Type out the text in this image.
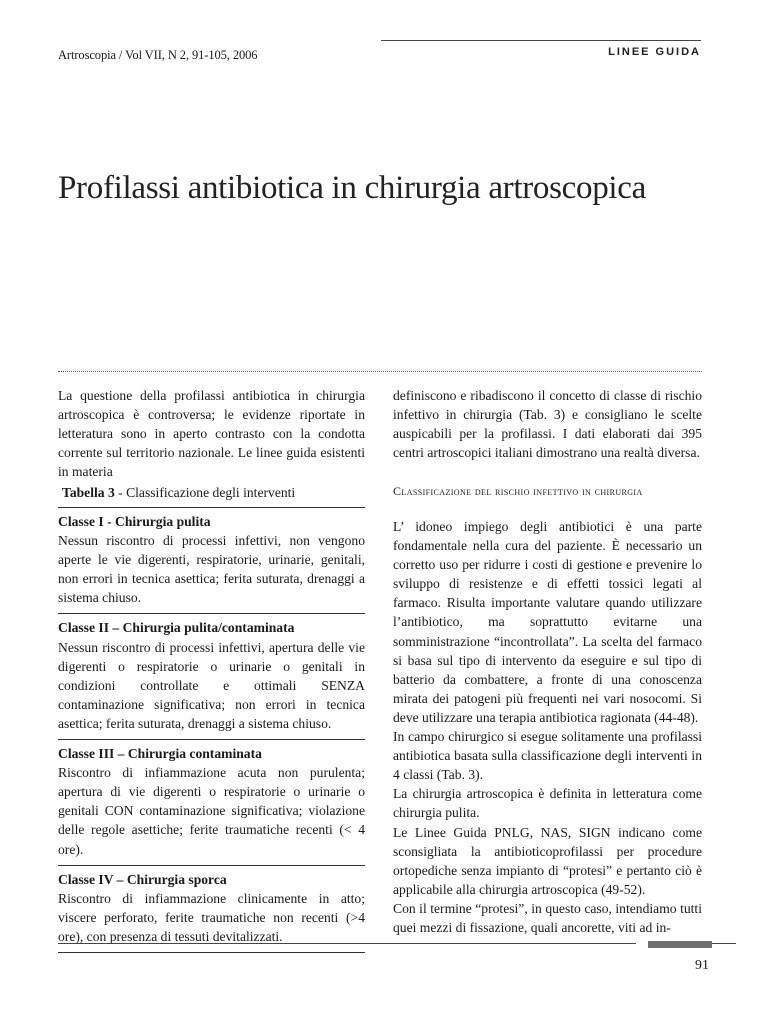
Artroscopia / Vol VII, N 2, 91-105, 2006	LINEE GUIDA
Profilassi antibiotica in chirurgia artroscopica

La questione della profilassi antibiotica in chirurgia artroscopica è controversa; le evidenze riportate in letteratura sono in aperto contrasto con la condotta corrente sul territorio nazionale. Le linee guida esistenti in materia

definiscono e ribadiscono il concetto di classe di rischio infettivo in chirurgia (Tab. 3) e consigliano le scelte auspicabili per la profilassi. I dati elaborati dai 395 centri artroscopici italiani dimostrano una realtà diversa.

Tabella 3 - Classificazione degli interventi
Classe I - Chirurgia pulita
Nessun riscontro di processi infettivi, non vengono aperte le vie digerenti, respiratorie, urinarie, genitali, non errori in tecnica asettica; ferita suturata, drenaggi a sistema chiuso.
Classe II – Chirurgia pulita/contaminata
Nessun riscontro di processi infettivi, apertura delle vie digerenti o respiratorie o urinarie o genitali in condizioni controllate e ottimali SENZA contaminazione significativa; non errori in tecnica asettica; ferita suturata, drenaggi a sistema chiuso.
Classe III – Chirurgia contaminata
Riscontro di infiammazione acuta non purulenta; apertura di vie digerenti o respiratorie o urinarie o genitali CON contaminazione significativa; violazione delle regole asettiche; ferite traumatiche recenti (< 4 ore).
Classe IV – Chirurgia sporca
Riscontro di infiammazione clinicamente in atto; viscere perforato, ferite traumatiche non recenti (>4 ore), con presenza di tessuti devitalizzati.
Classificazione del rischio infettivo in chirurgia

L’ idoneo impiego degli antibiotici è una parte fondamentale nella cura del paziente. È necessario un corretto uso per ridurre i costi di gestione e prevenire lo sviluppo di resistenze e di effetti tossici legati al farmaco. Risulta importante valutare quando utilizzare l’antibiotico, ma soprattutto evitarne una somministrazione “incontrollata”. La scelta del farmaco si basa sul tipo di intervento da eseguire e sul tipo di batterio da combattere, a fronte di una conoscenza mirata dei patogeni più frequenti nei vari nosocomi. Si deve utilizzare una terapia antibiotica ragionata (44-48).

In campo chirurgico si esegue solitamente una profilassi antibiotica basata sulla classificazione degli interventi in 4 classi (Tab. 3).

La chirurgia artroscopica è definita in letteratura come chirurgia pulita.

Le Linee Guida PNLG, NAS, SIGN indicano come sconsigliata la antibioticoprofilassi per procedure ortopediche senza impianto di “protesi” e pertanto ciò è applicabile alla chirurgia artroscopica (49-52).

Con il termine “protesi”, in questo caso, intendiamo tutti quei mezzi di fissazione, quali ancorette, viti ad in-

91
